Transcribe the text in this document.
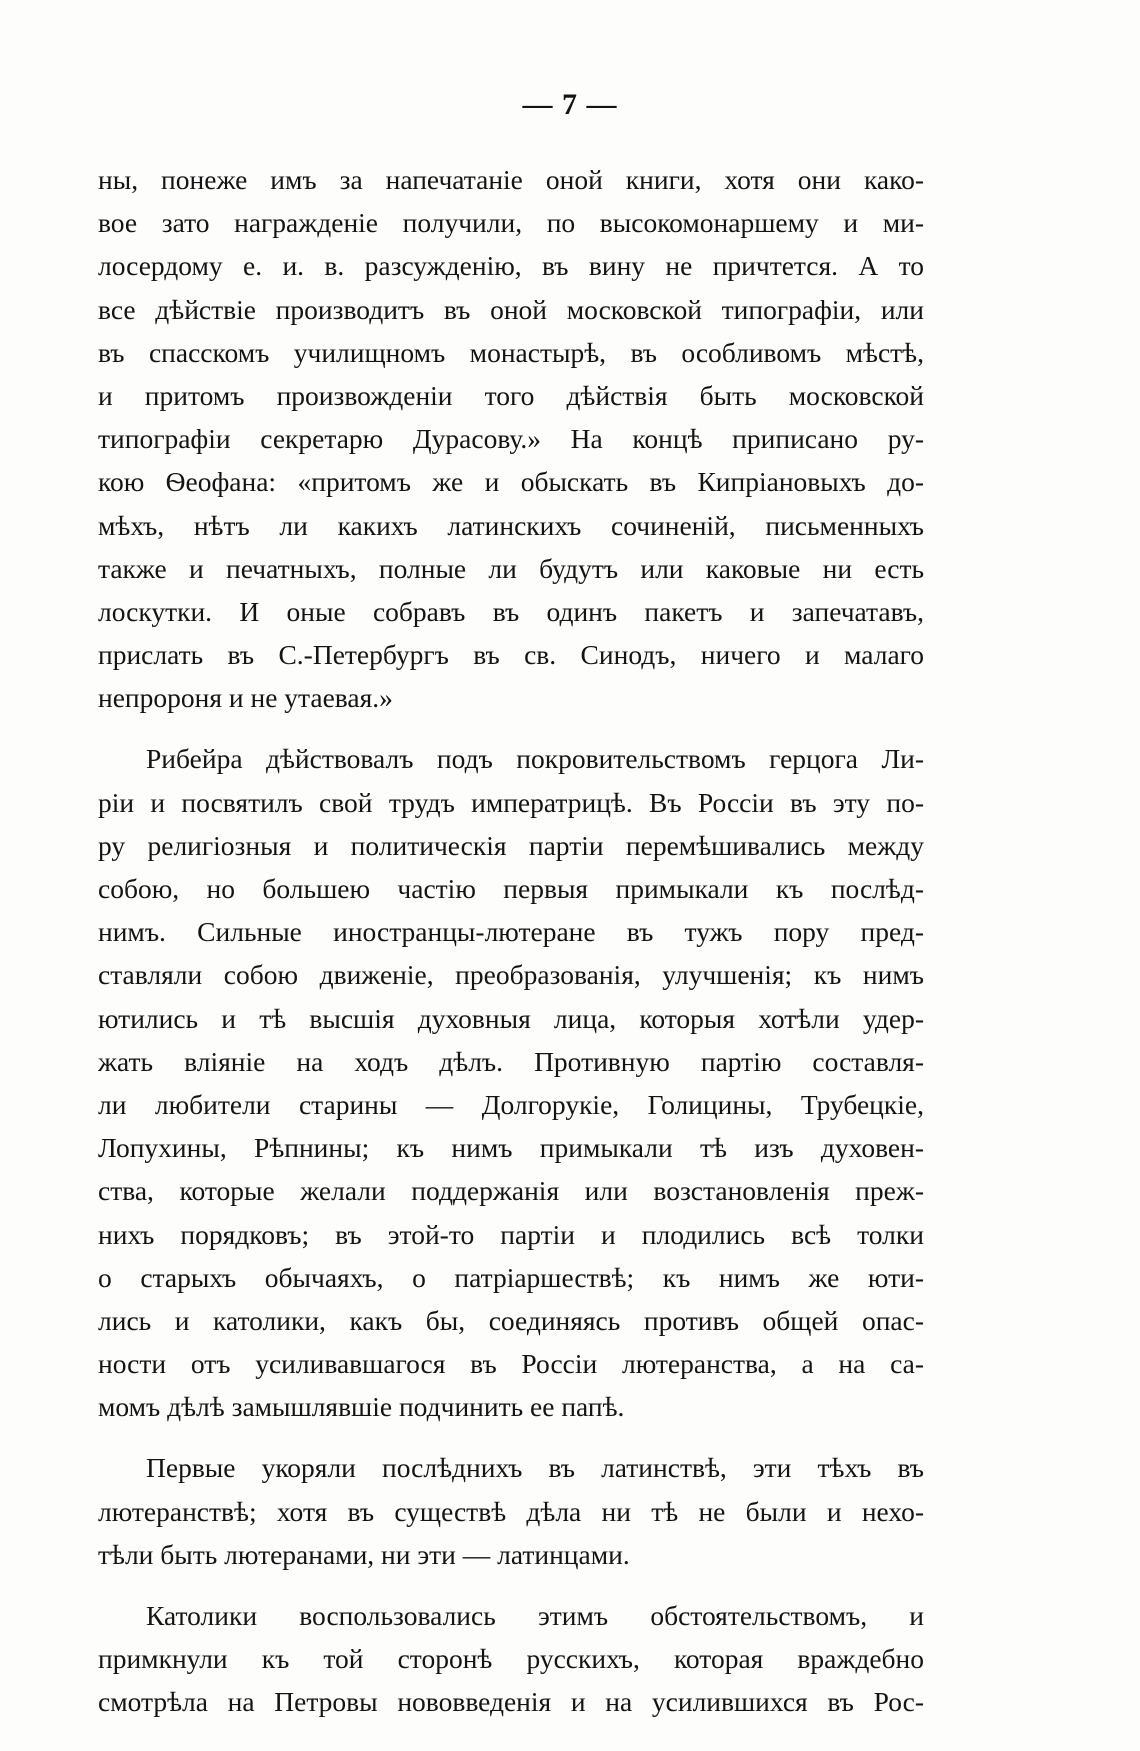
— 7 —
ны, понеже имъ за напечатаніе оной книги, хотя они како-
вое зато награжденіе получили, по высокомонаршему и ми-
лосердому е. и. в. разсужденію, въ вину не причтется. А то
все дѣйствіе производитъ въ оной московской типографіи, или
въ спасскомъ училищномъ монастырѣ, въ особливомъ мѣстѣ,
и притомъ произвожденіи того дѣйствія быть московской
типографіи секретарю Дурасову.» На концѣ приписано ру-
кою Ѳеофана: «притомъ же и обыскать въ Кипріановыхъ до-
мѣхъ, нѣтъ ли какихъ латинскихъ сочиненій, письменныхъ
также и печатныхъ, полные ли будутъ или каковые ни есть
лоскутки. И оные собравъ въ одинъ пакетъ и запечатавъ,
прислать въ С.-Петербургъ въ св. Синодъ, ничего и малаго
непророня и не утаевая.»
Рибейра дѣйствовалъ подъ покровительствомъ герцога Ли-
ріи и посвятилъ свой трудъ императрицѣ. Въ Россіи въ эту по-
ру религіозныя и политическія партіи перемѣшивались между
собою, но большею частію первыя примыкали къ послѣд-
нимъ. Сильные иностранцы-лютеране въ тужъ пору пред-
ставляли собою движеніе, преобразованія, улучшенія; къ нимъ
ютились и тѣ высшія духовныя лица, которыя хотѣли удер-
жать вліяніе на ходъ дѣлъ. Противную партію составля-
ли любители старины — Долгорукіе, Голицины, Трубецкіе,
Лопухины, Рѣпнины; къ нимъ примыкали тѣ изъ духовен-
ства, которые желали поддержанія или возстановленія преж-
нихъ порядковъ; въ этой-то партіи и плодились всѣ толки
о старыхъ обычаяхъ, о патріаршествѣ; къ нимъ же юти-
лись и католики, какъ бы, соединяясь противъ общей опас-
ности отъ усиливавшагося въ Россіи лютеранства, а на са-
момъ дѣлѣ замышлявшіе подчинить ее папѣ.
Первые укоряли послѣднихъ въ латинствѣ, эти тѣхъ въ
лютеранствѣ; хотя въ существѣ дѣла ни тѣ не были и нехо-
тѣли быть лютеранами, ни эти — латинцами.
Католики воспользовались этимъ обстоятельствомъ, и
примкнули къ той сторонѣ русскихъ, которая враждебно
смотрѣла на Петровы нововведенія и на усилившихся въ Рос-
